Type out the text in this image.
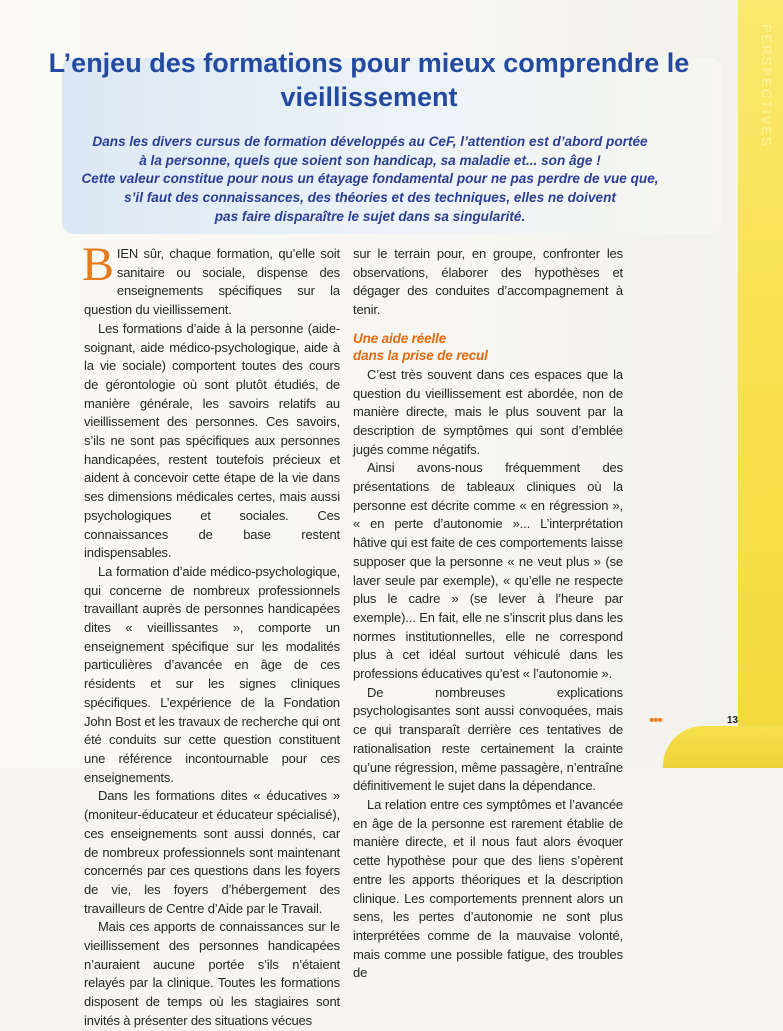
PERSPECTIVES
L’enjeu des formations pour mieux comprendre le vieillissement
Dans les divers cursus de formation développés au CeF, l’attention est d’abord portée
à la personne, quels que soient son handicap, sa maladie et... son âge !
Cette valeur constitue pour nous un étayage fondamental pour ne pas perdre de vue que,
s’il faut des connaissances, des théories et des techniques, elles ne doivent
pas faire disparaître le sujet dans sa singularité.

BIEN sûr, chaque formation, qu’elle soit sanitaire ou sociale, dispense des enseignements spécifiques sur la question du vieillissement.

Les formations d’aide à la personne (aide-soignant, aide médico-psychologique, aide à la vie sociale) comportent toutes des cours de gérontologie où sont plutôt étudiés, de manière générale, les savoirs relatifs au vieillissement des personnes. Ces savoirs, s’ils ne sont pas spécifiques aux personnes handicapées, restent toutefois précieux et aident à concevoir cette étape de la vie dans ses dimensions médicales certes, mais aussi psychologiques et sociales. Ces connaissances de base restent indispensables.

La formation d’aide médico-psychologique, qui concerne de nombreux professionnels travaillant auprès de personnes handicapées dites « vieillissantes », comporte un enseignement spécifique sur les modalités particulières d’avancée en âge de ces résidents et sur les signes cliniques spécifiques. L’expérience de la Fondation John Bost et les travaux de recherche qui ont été conduits sur cette question constituent une référence incontournable pour ces enseignements.

Dans les formations dites « éducatives » (moniteur-éducateur et éducateur spécialisé), ces enseignements sont aussi donnés, car de nombreux professionnels sont maintenant concernés par ces questions dans les foyers de vie, les foyers d’hébergement des travailleurs de Centre d’Aide par le Travail.

Mais ces apports de connaissances sur le vieillissement des personnes handicapées n’auraient aucune portée s’ils n’étaient relayés par la clinique. Toutes les formations disposent de temps où les stagiaires sont invités à présenter des situations vécues

sur le terrain pour, en groupe, confronter les observations, élaborer des hypothèses et dégager des conduites d’accompagnement à tenir.

Une aide réelle
dans la prise de recul

C’est très souvent dans ces espaces que la question du vieillissement est abordée, non de manière directe, mais le plus souvent par la description de symptômes qui sont d’emblée jugés comme négatifs.

Ainsi avons-nous fréquemment des présentations de tableaux cliniques où la personne est décrite comme « en régression », « en perte d’autonomie »... L’interprétation hâtive qui est faite de ces comportements laisse supposer que la personne « ne veut plus » (se laver seule par exemple), « qu’elle ne respecte plus le cadre » (se lever à l’heure par exemple)... En fait, elle ne s’inscrit plus dans les normes institutionnelles, elle ne correspond plus à cet idéal surtout véhiculé dans les professions éducatives qu’est « l’autonomie ».

De nombreuses explications psychologisantes sont aussi convoquées, mais ce qui transparaît derrière ces tentatives de rationalisation reste certainement la crainte qu’une régression, même passagère, n’entraîne définitivement le sujet dans la dépendance.

La relation entre ces symptômes et l’avancée en âge de la personne est rarement établie de manière directe, et il nous faut alors évoquer cette hypothèse pour que des liens s’opèrent entre les apports théoriques et la description clinique. Les comportements prennent alors un sens, les pertes d’autonomie ne sont plus interprétées comme de la mauvaise volonté, mais comme une possible fatigue, des troubles de

•••	13
